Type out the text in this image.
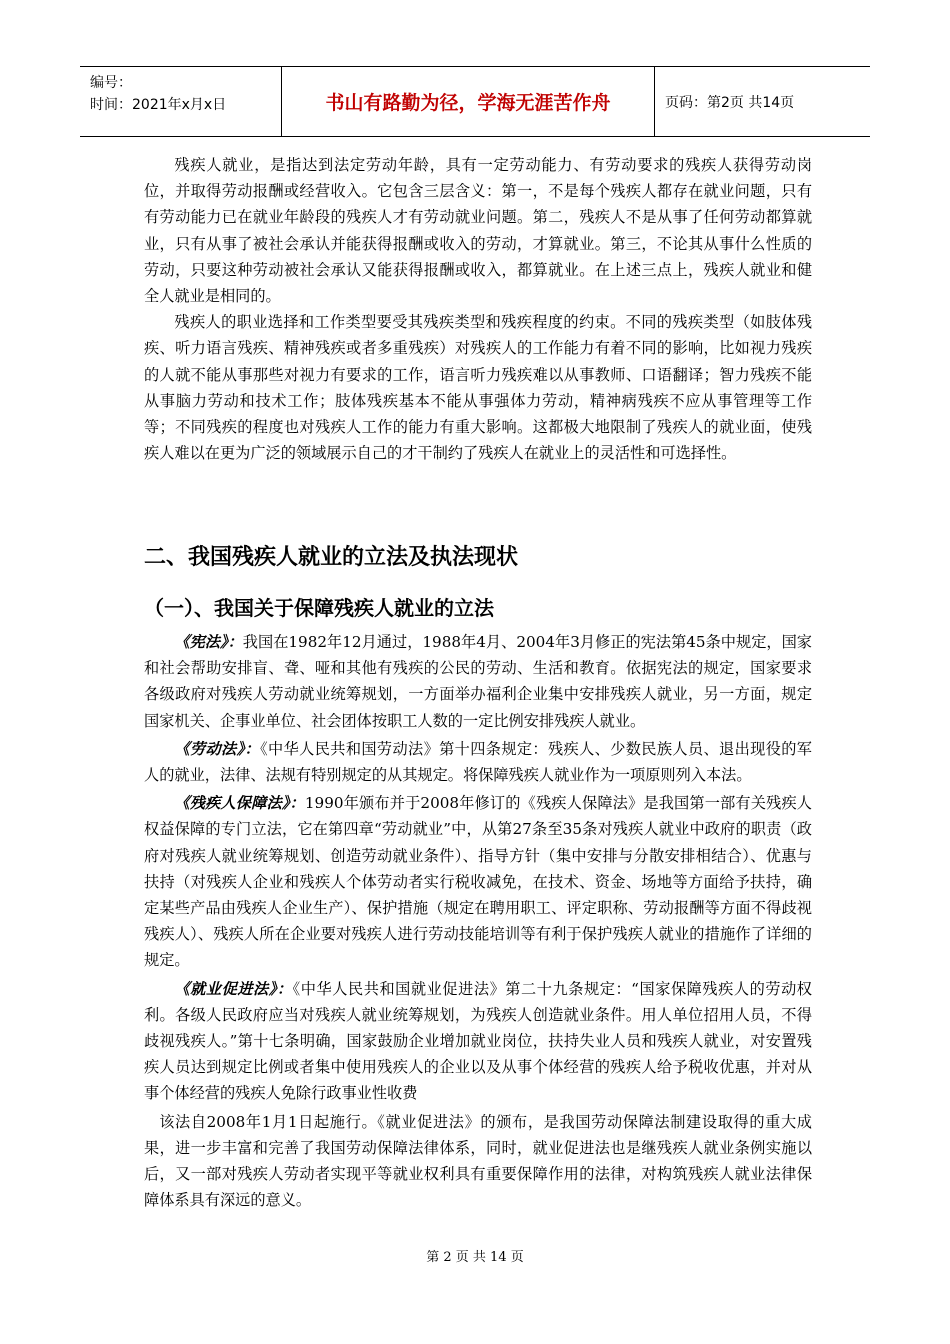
编号：
时间：2021年x月x日	书山有路勤为径，学海无涯苦作舟	页码：第2页 共14页

残疾人就业，是指达到法定劳动年龄，具有一定劳动能力、有劳动要求的残疾人获得劳动岗位，并取得劳动报酬或经营收入。它包含三层含义：第一，不是每个残疾人都存在就业问题，只有有劳动能力已在就业年龄段的残疾人才有劳动就业问题。第二，残疾人不是从事了任何劳动都算就业，只有从事了被社会承认并能获得报酬或收入的劳动，才算就业。第三，不论其从事什么性质的劳动，只要这种劳动被社会承认又能获得报酬或收入，都算就业。在上述三点上，残疾人就业和健全人就业是相同的。

残疾人的职业选择和工作类型要受其残疾类型和残疾程度的约束。不同的残疾类型（如肢体残疾、听力语言残疾、精神残疾或者多重残疾）对残疾人的工作能力有着不同的影响，比如视力残疾的人就不能从事那些对视力有要求的工作，语言听力残疾难以从事教师、口语翻译；智力残疾不能从事脑力劳动和技术工作；肢体残疾基本不能从事强体力劳动，精神病残疾不应从事管理等工作等；不同残疾的程度也对残疾人工作的能力有重大影响。这都极大地限制了残疾人的就业面，使残疾人难以在更为广泛的领域展示自己的才干制约了残疾人在就业上的灵活性和可选择性。

二、我国残疾人就业的立法及执法现状
（一）、我国关于保障残疾人就业的立法

《宪法》：我国在1982年12月通过，1988年4月、2004年3月修正的宪法第45条中规定，国家和社会帮助安排盲、聋、哑和其他有残疾的公民的劳动、生活和教育。依据宪法的规定，国家要求各级政府对残疾人劳动就业统筹规划，一方面举办福利企业集中安排残疾人就业，另一方面，规定国家机关、企事业单位、社会团体按职工人数的一定比例安排残疾人就业。

《劳动法》：《中华人民共和国劳动法》第十四条规定：残疾人、少数民族人员、退出现役的军人的就业，法律、法规有特别规定的从其规定。将保障残疾人就业作为一项原则列入本法。

《残疾人保障法》：1990年颁布并于2008年修订的《残疾人保障法》是我国第一部有关残疾人权益保障的专门立法，它在第四章“劳动就业”中，从第27条至35条对残疾人就业中政府的职责（政府对残疾人就业统筹规划、创造劳动就业条件）、指导方针（集中安排与分散安排相结合）、优惠与扶持（对残疾人企业和残疾人个体劳动者实行税收减免，在技术、资金、场地等方面给予扶持，确定某些产品由残疾人企业生产）、保护措施（规定在聘用职工、评定职称、劳动报酬等方面不得歧视残疾人）、残疾人所在企业要对残疾人进行劳动技能培训等有利于保护残疾人就业的措施作了详细的规定。

《就业促进法》：《中华人民共和国就业促进法》第二十九条规定：“国家保障残疾人的劳动权利。各级人民政府应当对残疾人就业统筹规划，为残疾人创造就业条件。用人单位招用人员，不得歧视残疾人。”第十七条明确，国家鼓励企业增加就业岗位，扶持失业人员和残疾人就业，对安置残疾人员达到规定比例或者集中使用残疾人的企业以及从事个体经营的残疾人给予税收优惠，并对从事个体经营的残疾人免除行政事业性收费

该法自2008年1月1日起施行。《就业促进法》的颁布，是我国劳动保障法制建设取得的重大成果，进一步丰富和完善了我国劳动保障法律体系，同时，就业促进法也是继残疾人就业条例实施以后，又一部对残疾人劳动者实现平等就业权利具有重要保障作用的法律，对构筑残疾人就业法律保障体系具有深远的意义。

第 2 页 共 14 页
